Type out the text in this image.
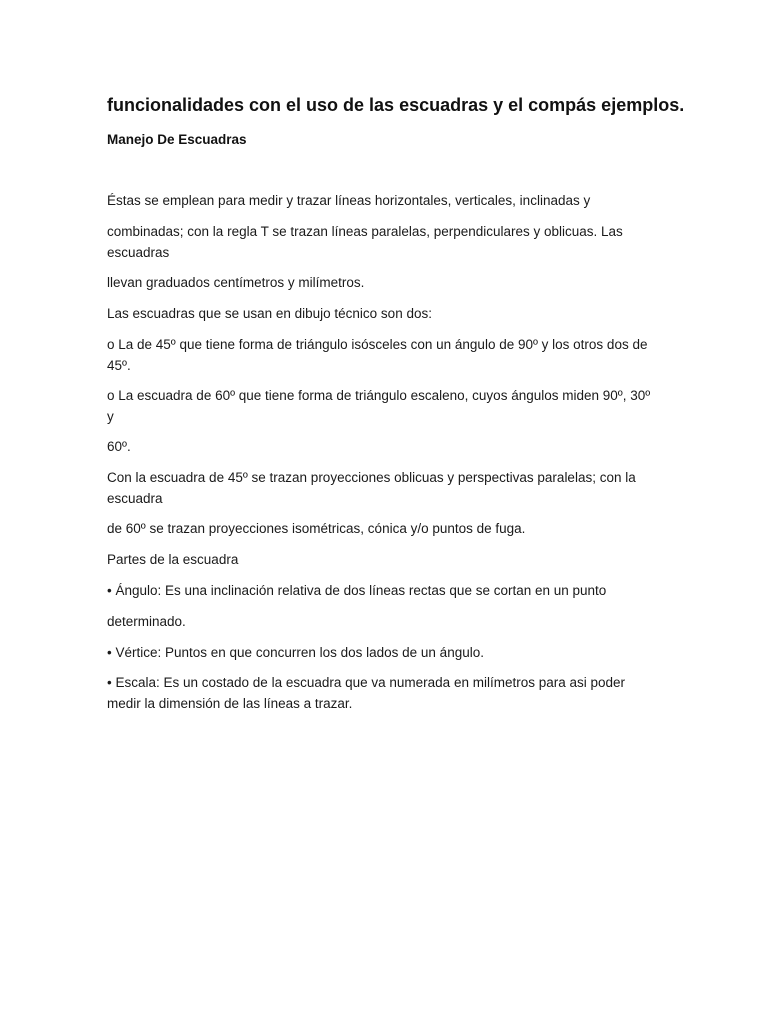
funcionalidades con el uso de las escuadras y el compás ejemplos.
Manejo De Escuadras
Éstas se emplean para medir y trazar líneas horizontales, verticales, inclinadas y
combinadas; con la regla T se trazan líneas paralelas, perpendiculares y oblicuas. Las
escuadras
llevan graduados centímetros y milímetros.
Las escuadras que se usan en dibujo técnico son dos:
o La de 45º que tiene forma de triángulo isósceles con un ángulo de 90º y los otros dos de
45º.
o La escuadra de 60º que tiene forma de triángulo escaleno, cuyos ángulos miden 90º, 30º
y
60º.
Con la escuadra de 45º se trazan proyecciones oblicuas y perspectivas paralelas; con la
escuadra
de 60º se trazan proyecciones isométricas, cónica y/o puntos de fuga.
Partes de la escuadra
• Ángulo: Es una inclinación relativa de dos líneas rectas que se cortan en un punto
determinado.
• Vértice: Puntos en que concurren los dos lados de un ángulo.
• Escala: Es un costado de la escuadra que va numerada en milímetros para asi poder
medir la dimensión de las líneas a trazar.
